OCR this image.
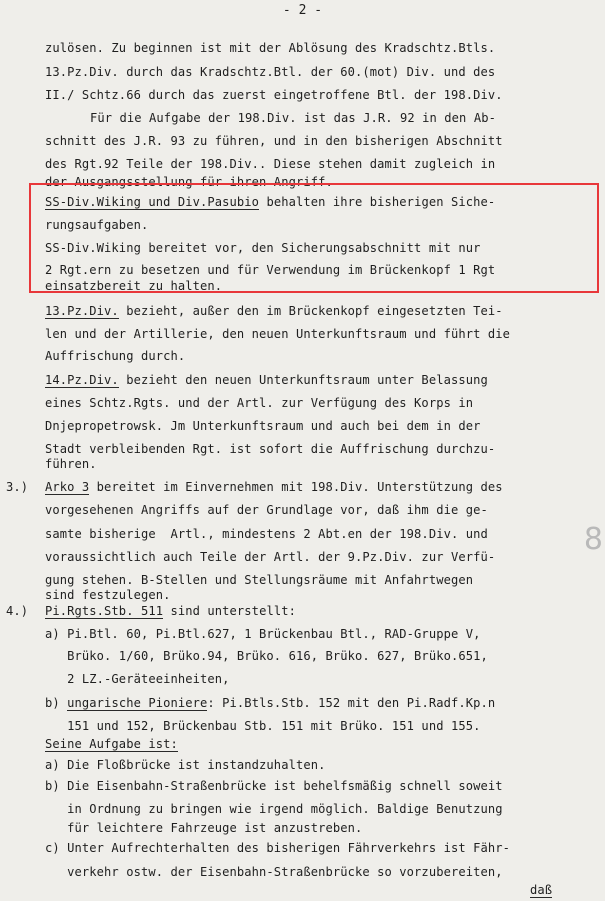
- 2 -
zulösen. Zu beginnen ist mit der Ablösung des Kradschtz.Btls.
13.Pz.Div. durch das Kradschtz.Btl. der 60.(mot) Div. und des
II./ Schtz.66 durch das zuerst eingetroffene Btl. der 198.Div.
Für die Aufgabe der 198.Div. ist das J.R. 92 in den Ab-
schnitt des J.R. 93 zu führen, und in den bisherigen Abschnitt
des Rgt.92 Teile der 198.Div.. Diese stehen damit zugleich in
der Ausgangsstellung für ihren Angriff.
SS-Div.Wiking und Div.Pasubio behalten ihre bisherigen Siche-
rungsaufgaben.
SS-Div.Wiking bereitet vor, den Sicherungsabschnitt mit nur
2 Rgt.ern zu besetzen und für Verwendung im Brückenkopf 1 Rgt
einsatzbereit zu halten.
13.Pz.Div. bezieht, außer den im Brückenkopf eingesetzten Tei-
len und der Artillerie, den neuen Unterkunftsraum und führt die
Auffrischung durch.
14.Pz.Div. bezieht den neuen Unterkunftsraum unter Belassung
eines Schtz.Rgts. und der Artl. zur Verfügung des Korps in
Dnjepropetrowsk. Jm Unterkunftsraum und auch bei dem in der
Stadt verbleibenden Rgt. ist sofort die Auffrischung durchzu-
führen.
3.) Arko 3 bereitet im Einvernehmen mit 198.Div. Unterstützung des
vorgesehenen Angriffs auf der Grundlage vor, daß ihm die ge-
samte bisherige  Artl., mindestens 2 Abt.en der 198.Div. und
voraussichtlich auch Teile der Artl. der 9.Pz.Div. zur Verfü-
gung stehen. B-Stellen und Stellungsräume mit Anfahrtwegen
sind festzulegen.
4.) Pi.Rgts.Stb. 511 sind unterstellt:
a) Pi.Btl. 60, Pi.Btl.627, 1 Brückenbau Btl., RAD-Gruppe V,
Brüko. 1/60, Brüko.94, Brüko. 616, Brüko. 627, Brüko.651,
2 LZ.-Geräteeinheiten,
b) ungarische Pioniere: Pi.Btls.Stb. 152 mit den Pi.Radf.Kp.n
151 und 152, Brückenbau Stb. 151 mit Brüko. 151 und 155.
Seine Aufgabe ist:
a) Die Floßbrücke ist instandzuhalten.
b) Die Eisenbahn-Straßenbrücke ist behelfsmäßig schnell soweit
in Ordnung zu bringen wie irgend möglich. Baldige Benutzung
für leichtere Fahrzeuge ist anzustreben.
c) Unter Aufrechterhalten des bisherigen Fährverkehrs ist Fähr-
verkehr ostw. der Eisenbahn-Straßenbrücke so vorzubereiten,
daß
8
